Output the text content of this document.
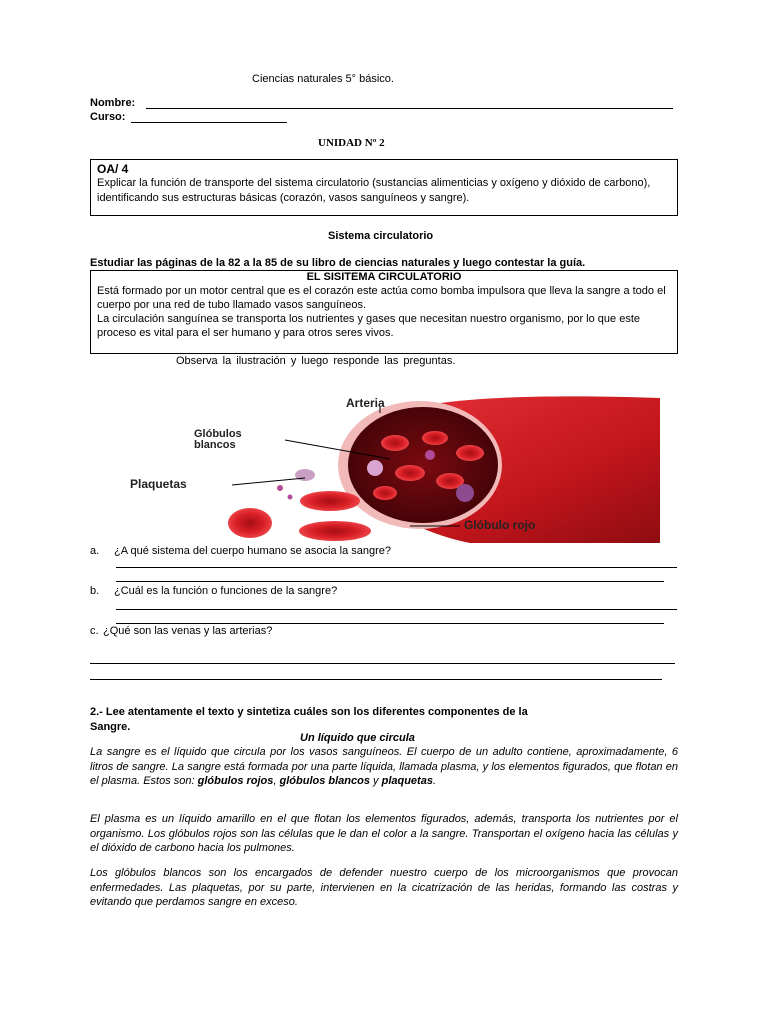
Ciencias naturales 5° básico.
Nombre:
Curso:
UNIDAD Nº 2
OA/ 4
Explicar la función de transporte del sistema circulatorio (sustancias alimenticias y oxígeno y dióxido de carbono), identificando sus estructuras básicas (corazón, vasos sanguíneos y sangre).
Sistema circulatorio
Estudiar las páginas de la 82 a la 85 de su libro de ciencias naturales y luego contestar la guía.
EL SISITEMA CIRCULATORIO
Está formado por un motor central que es el corazón este actúa como bomba impulsora que lleva la sangre a todo el cuerpo por una red de tubo llamado vasos sanguíneos.
La circulación sanguínea se transporta los nutrientes y gases que necesitan nuestro organismo, por lo que este proceso es vital para el ser humano y para otros seres vivos.
Observa la ilustración y luego responde las preguntas.
Arteria
Glóbulos
blancos
Plaquetas
Glóbulo rojo
a. ¿A qué sistema del cuerpo humano se asocia la sangre?
b. ¿Cuál es la función o funciones de la sangre?
c. ¿Qué son las venas y las arterias?
2.- Lee atentamente el texto y sintetiza cuáles son los diferentes componentes de la
Sangre.
Un líquido que circula
La sangre es el líquido que circula por los vasos sanguíneos. El cuerpo de un adulto contiene, aproximadamente, 6 litros de sangre. La sangre está formada por una parte líquida, llamada plasma, y los elementos figurados, que flotan en el plasma. Estos son: glóbulos rojos, glóbulos blancos y plaquetas.
El plasma es un líquido amarillo en el que flotan los elementos figurados, además, transporta los nutrientes por el organismo. Los glóbulos rojos son las células que le dan el color a la sangre. Transportan el oxígeno hacia las células y el dióxido de carbono hacia los pulmones.
Los glóbulos blancos son los encargados de defender nuestro cuerpo de los microorganismos que provocan enfermedades. Las plaquetas, por su parte, intervienen en la cicatrización de las heridas, formando las costras y evitando que perdamos sangre en exceso.
